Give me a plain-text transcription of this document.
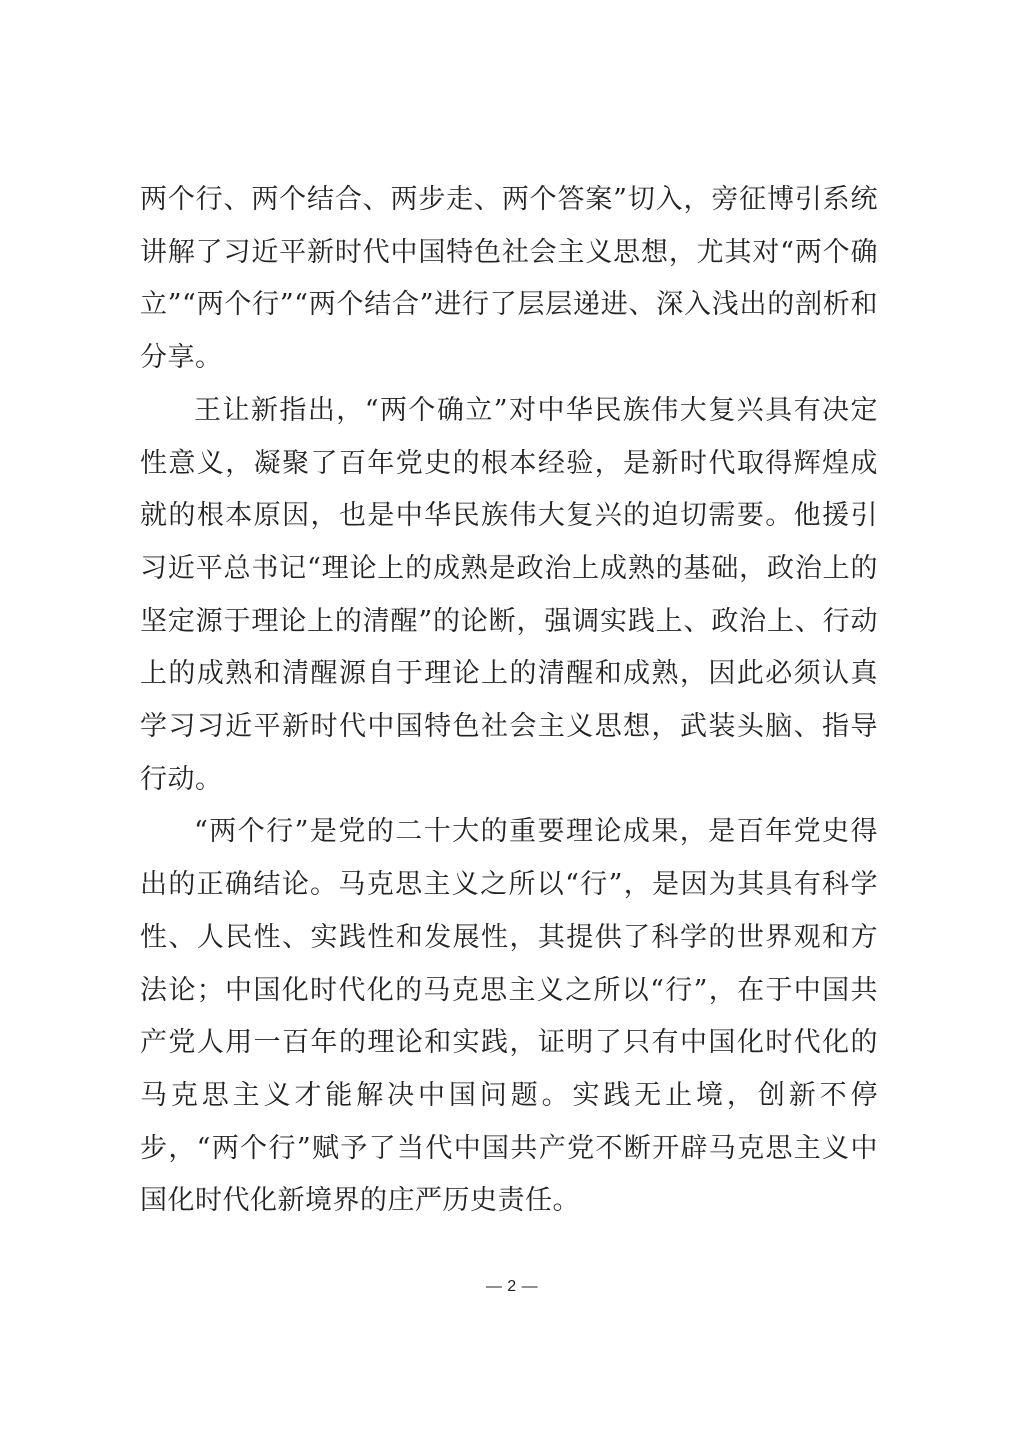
两个行、两个结合、两步走、两个答案”切入，旁征博引系统讲解了习近平新时代中国特色社会主义思想，尤其对“两个确立”“两个行”“两个结合”进行了层层递进、深入浅出的剖析和分享。

王让新指出，“两个确立”对中华民族伟大复兴具有决定性意义，凝聚了百年党史的根本经验，是新时代取得辉煌成就的根本原因，也是中华民族伟大复兴的迫切需要。他援引习近平总书记“理论上的成熟是政治上成熟的基础，政治上的坚定源于理论上的清醒”的论断，强调实践上、政治上、行动上的成熟和清醒源自于理论上的清醒和成熟，因此必须认真学习习近平新时代中国特色社会主义思想，武装头脑、指导行动。

“两个行”是党的二十大的重要理论成果，是百年党史得出的正确结论。马克思主义之所以“行”，是因为其具有科学性、人民性、实践性和发展性，其提供了科学的世界观和方法论；中国化时代化的马克思主义之所以“行”，在于中国共产党人用一百年的理论和实践，证明了只有中国化时代化的马克思主义才能解决中国问题。实践无止境，创新不停步，“两个行”赋予了当代中国共产党不断开辟马克思主义中国化时代化新境界的庄严历史责任。

— 2 —
